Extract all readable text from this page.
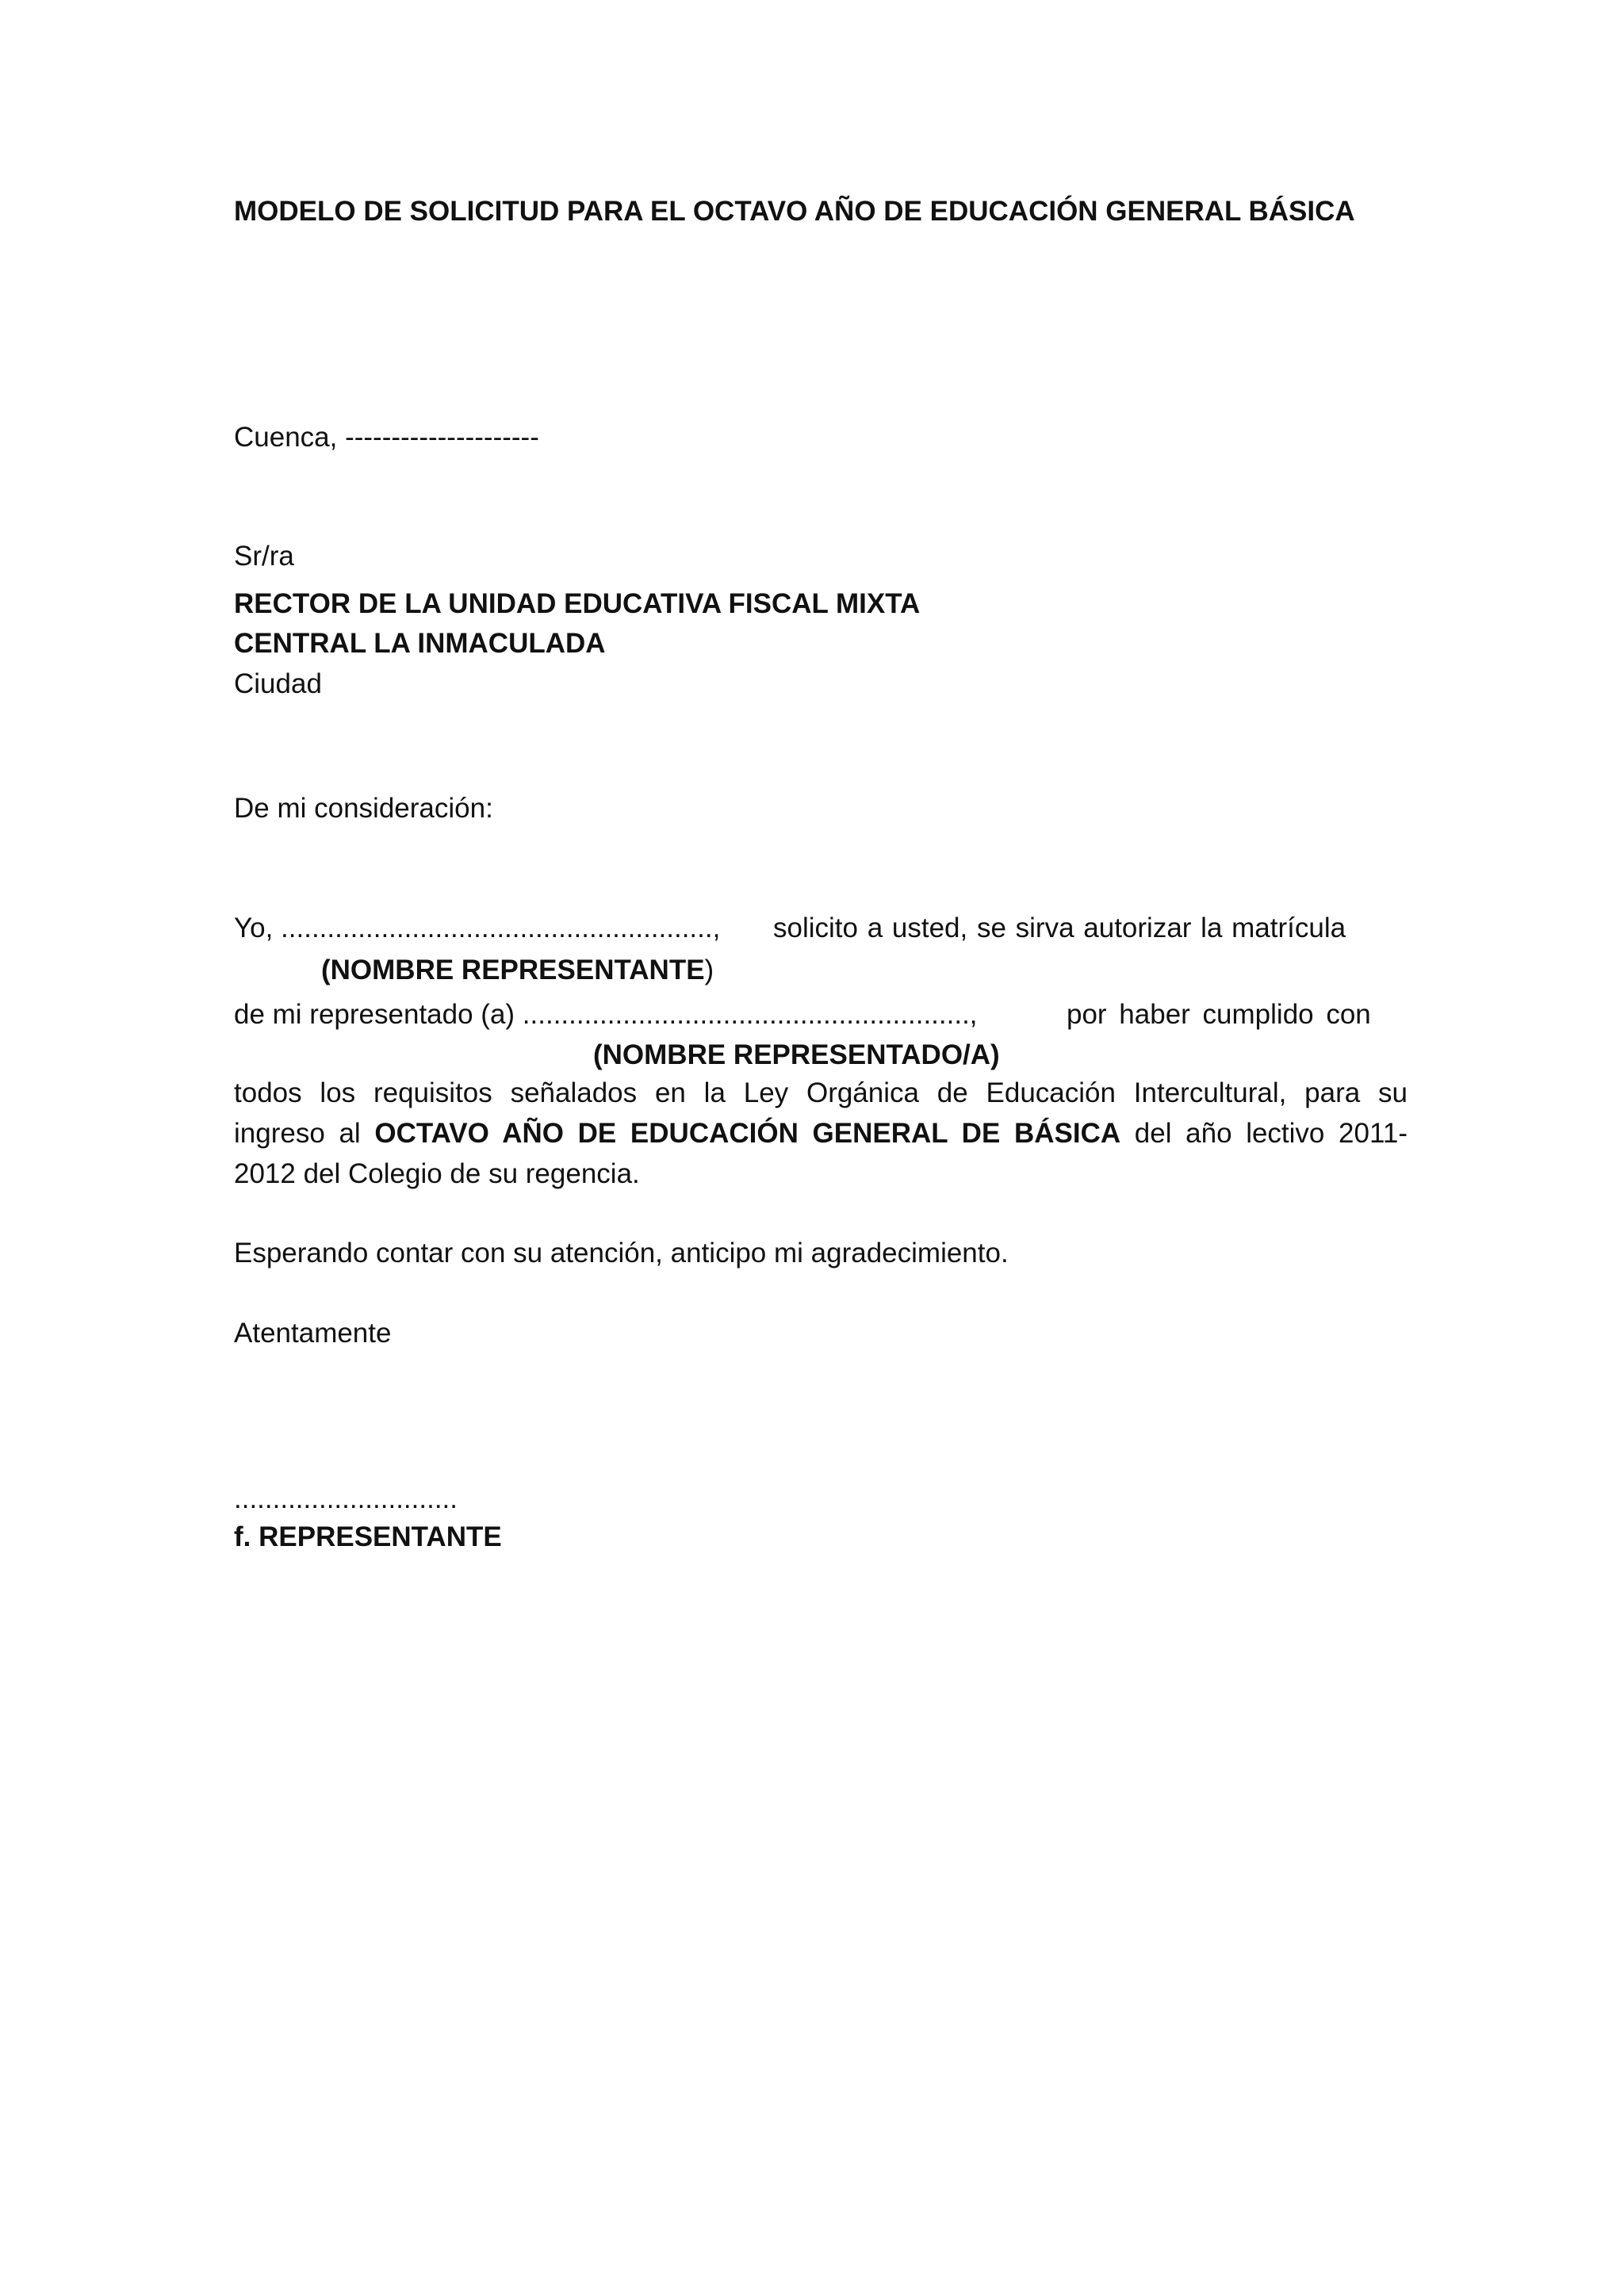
MODELO DE SOLICITUD PARA EL OCTAVO AÑO DE EDUCACIÓN GENERAL BÁSICA
Cuenca, ---------------------
Sr/ra
RECTOR DE LA UNIDAD EDUCATIVA FISCAL MIXTA
CENTRAL LA INMACULADA
Ciudad
De mi consideración:
Yo, ........................................................, solicito a usted, se sirva autorizar la matrícula
(NOMBRE REPRESENTANTE)
de mi representado (a) ..........................................................,	por haber cumplido con
(NOMBRE REPRESENTADO/A)
todos los requisitos señalados en la Ley Orgánica de Educación Intercultural, para su
ingreso al OCTAVO AÑO DE EDUCACIÓN GENERAL DE BÁSICA del año lectivo 2011-
2012 del Colegio de su regencia.
Esperando contar con su atención, anticipo mi agradecimiento.
Atentamente
.............................
f. REPRESENTANTE
